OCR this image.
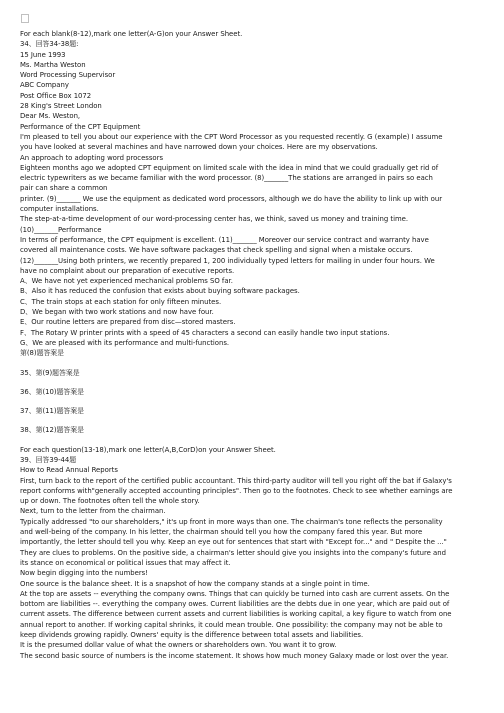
For each blank(8-12),mark one letter(A-G)on your Answer Sheet.
34、回答34-38题:
15 June 1993
Ms. Martha Weston
Word Processing Supervisor
ABC Company
Post Office Box 1072
28 King's Street London
Dear Ms. Weston,
Performance of the CPT Equipment
I'm pleased to tell you about our experience with the CPT Word Processor as you requested recently. G (example) I assume
you have looked at several machines and have narrowed down your choices. Here are my observations.
An approach to adopting word processors
Eighteen months ago we adopted CPT equipment on limited scale with the idea in mind that we could gradually get rid of
electric typewriters as we became familiar with the word processor. (8)_______The stations are arranged in pairs so each
pair can share a common
printer. (9)_______ We use the equipment as dedicated word processors, although we do have the ability to link up with our
computer installations.
The step-at-a-time development of our word-processing center has, we think, saved us money and training time.
(10)_______Performance
In terms of performance, the CPT equipment is excellent. (11)_______ Moreover our service contract and warranty have
covered all maintenance costs. We have software packages that check spelling and signal when a mistake occurs.
(12)_______Using both printers, we recently prepared 1, 200 individually typed letters for mailing in under four hours. We
have no complaint about our preparation of executive reports.
A、We have not yet experienced mechanical problems SO far.
B、Also it has reduced the confusion that exists about buying software packages.
C、The train stops at each station for only fifteen minutes.
D、We began with two work stations and now have four.
E、Our routine letters are prepared from disc—stored masters.
F、The Rotary W printer prints with a speed of 45 characters a second can easily handle two input stations.
G、We are pleased with its performance and multi-functions.
第(8)题答案是
35、第(9)题答案是
36、第(10)题答案是
37、第(11)题答案是
38、第(12)题答案是
For each question(13-18),mark one letter(A,B,CorD)on your Answer Sheet.
39、回答39-44题
How to Read Annual Reports
First, turn back to the report of the certified public accountant. This third-party auditor will tell you right off the bat if Galaxy's
report conforms with"generally accepted accounting principles". Then go to the footnotes. Check to see whether earnings are
up or down. The footnotes often tell the whole story.
Next, turn to the letter from the chairman.
Typically addressed "to our shareholders," it's up front in more ways than one. The chairman's tone reflects the personality
and well-being of the company. In his letter, the chairman should tell you how the company fared this year. But more
importantly, the letter should tell you why. Keep an eye out for sentences that start with "Except for..." and " Despite the ..."
They are clues to problems. On the positive side, a chairman's letter should give you insights into the company's future and
its stance on economical or political issues that may affect it.
Now begin digging into the numbers!
One source is the balance sheet. It is a snapshot of how the company stands at a single point in time.
At the top are assets -- everything the company owns. Things that can quickly be turned into cash are current assets. On the
bottom are liabilities --. everything the company owes. Current liabilities are the debts due in one year, which are paid out of
current assets. The difference between current assets and current liabilities is working capital, a key figure to watch from one
annual report to another. If working capital shrinks, it could mean trouble. One possibility: the company may not be able to
keep dividends growing rapidly. Owners' equity is the difference between total assets and liabilities.
It is the presumed dollar value of what the owners or shareholders own. You want it to grow.
The second basic source of numbers is the income statement. It shows how much money Galaxy made or lost over the year.
